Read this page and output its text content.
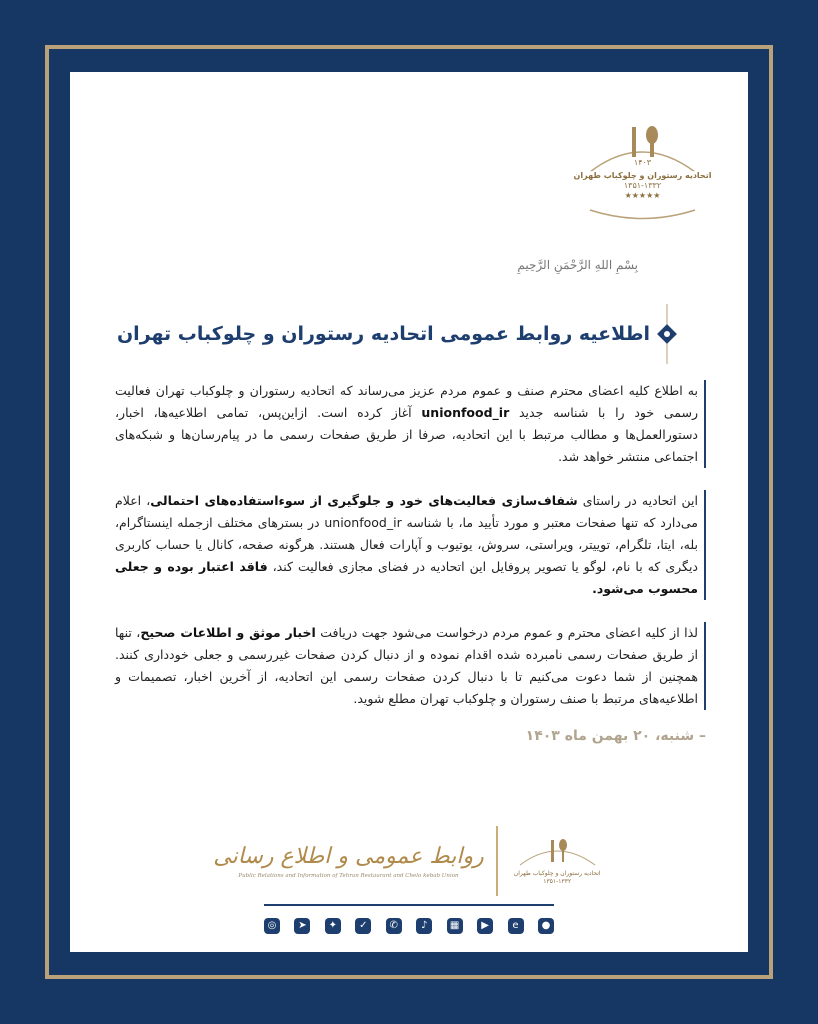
۱۴۰۳
اتحادیه رستوران و چلوکباب طهران
۱۳۵۱-۱۳۳۲
★★★★★
بِسْمِ اللهِ الرَّحْمَنِ الرَّحِیمِ
اطلاعیه روابط عمومی اتحادیه رستوران و چلوکباب تهران

به اطلاع کلیه اعضای محترم صنف و عموم مردم عزیز می‌رساند که اتحادیه رستوران و چلوکباب تهران فعالیت رسمی خود را با شناسه جدید unionfood_ir آغاز کرده است. ازاین‌پس، تمامی اطلاعیه‌ها، اخبار، دستورالعمل‌ها و مطالب مرتبط با این اتحادیه، صرفا از طریق صفحات رسمی ما در پیام‌رسان‌ها و شبکه‌های اجتماعی منتشر خواهد شد.

این اتحادیه در راستای شفاف‌سازی فعالیت‌های خود و جلوگیری از سوءاستفاده‌های احتمالی، اعلام می‌دارد که تنها صفحات معتبر و مورد تأیید ما، با شناسه unionfood_ir در بسترهای مختلف ازجمله اینستاگرام، بله، ایتا، تلگرام، توییتر، ویراستی، سروش، یوتیوب و آپارات فعال هستند. هرگونه صفحه، کانال یا حساب کاربری دیگری که با نام، لوگو یا تصویر پروفایل این اتحادیه در فضای مجازی فعالیت کند، فاقد اعتبار بوده و جعلی محسوب می‌شود.

لذا از کلیه اعضای محترم و عموم مردم درخواست می‌شود جهت دریافت اخبار موثق و اطلاعات صحیح، تنها از طریق صفحات رسمی نامبرده شده اقدام نموده و از دنبال کردن صفحات غیررسمی و جعلی خودداری کنند. همچنین از شما دعوت می‌کنیم تا با دنبال کردن صفحات رسمی این اتحادیه، از آخرین اخبار، تصمیمات و اطلاعیه‌های مرتبط با صنف رستوران و چلوکباب تهران مطلع شوید.

– شنبه، ۲۰ بهمن ماه ۱۴۰۳
روابط عمومی و اطلاع رسانی
Public Relations and Information of Tehran Restaurant and Chelo kebab Union	اتحادیه رستوران و چلوکباب طهران
۱۳۵۱-۱۳۳۲
◎	➤	✦	✓	✆	♪	▦	▶	e	●
